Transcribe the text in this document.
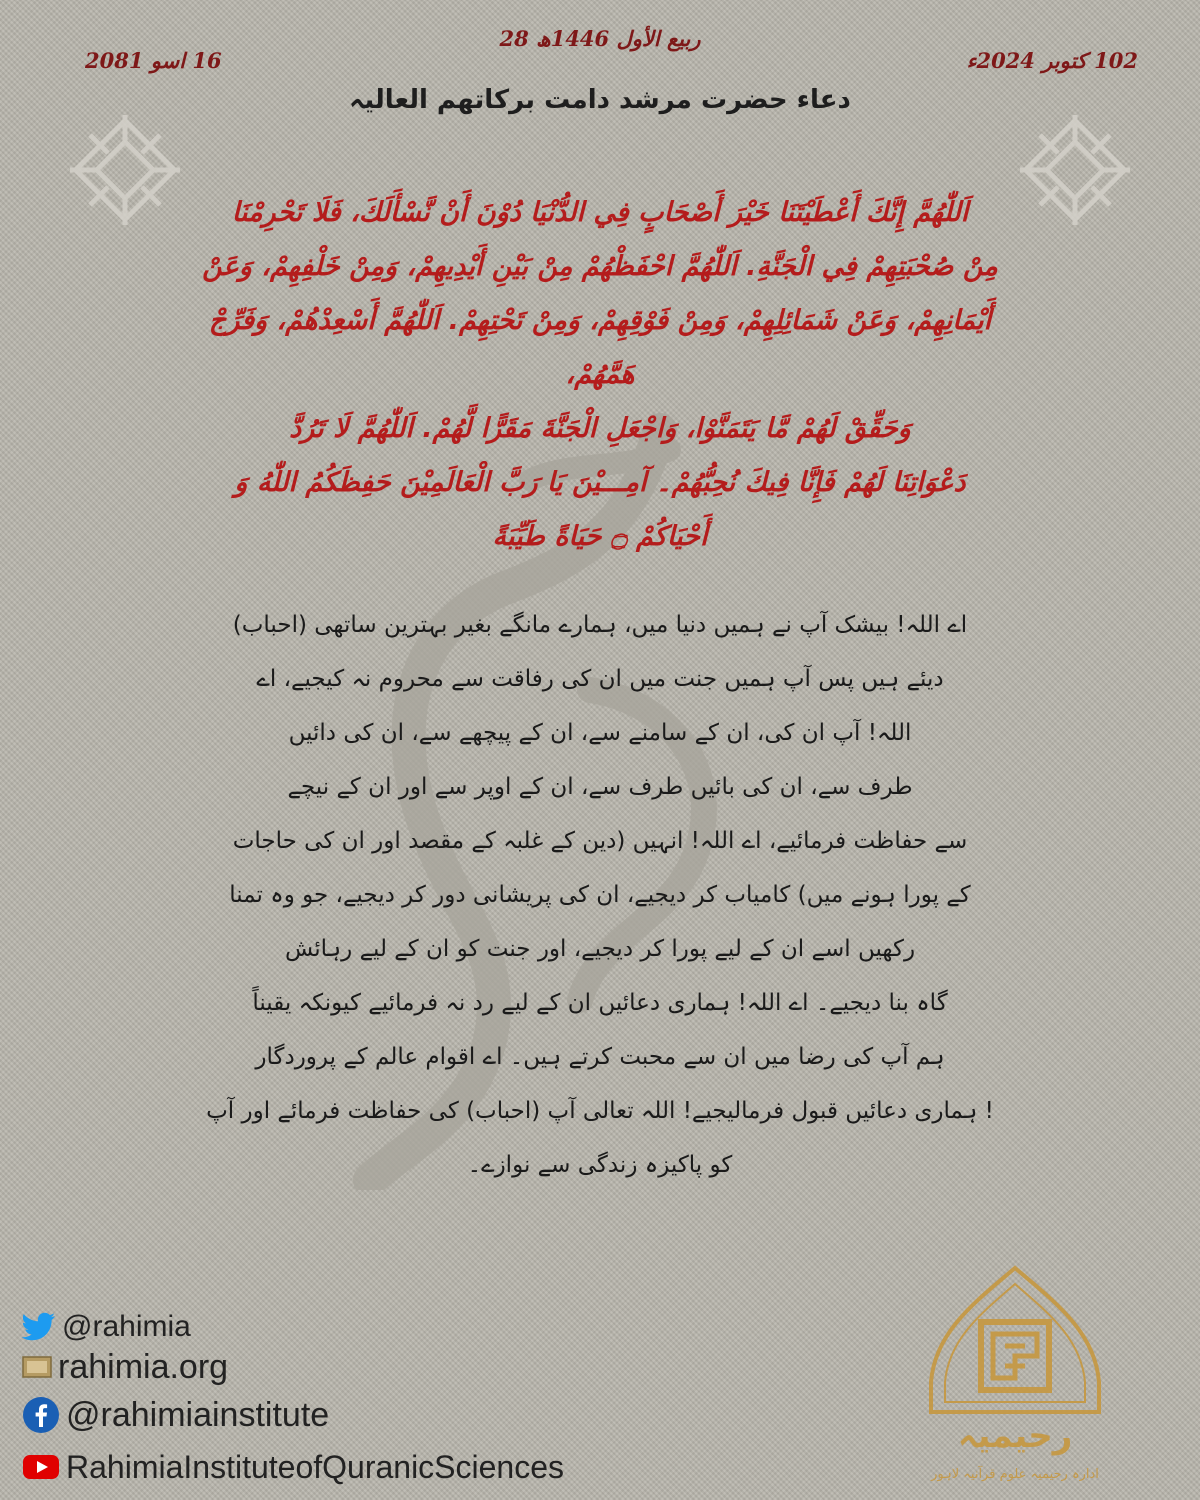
28 ربیع الأول 1446ھ
102 کتوبر 2024ء
16 اسو 2081
دعاء حضرت مرشد دامت برکاتھم العالیہ
اَللّٰهُمَّ إِنَّكَ أَعْطَيْتَنَا خَيْرَ أَصْحَابٍ فِي الدُّنْيَا دُوْنَ أَنْ نَّسْأَلَكَ، فَلَا تَحْرِمْنَا
مِنْ صُحْبَتِهِمْ فِي الْجَنَّةِ. اَللّٰهُمَّ احْفَظْهُمْ مِنْ بَيْنِ أَيْدِيهِمْ، وَمِنْ خَلْفِهِمْ، وَعَنْ
أَيْمَانِهِمْ، وَعَنْ شَمَائِلِهِمْ، وَمِنْ فَوْقِهِمْ، وَمِنْ تَحْتِهِمْ. اَللّٰهُمَّ أَسْعِدْهُمْ، وَفَرِّجْ هَمَّهُمْ،
وَحَقِّقْ لَهُمْ مَّا يَتَمَنَّوْا، وَاجْعَلِ الْجَنَّةَ مَقَرًّا لَّهُمْ. اَللّٰهُمَّ لَا تَرُدَّ
دَعْوَاتِنَا لَهُمْ فَإِنَّا فِيكَ نُحِبُّهُمْ۔ آمِـــيْنَ يَا رَبَّ الْعَالَمِيْنَ حَفِظَكُمُ اللّٰهُ وَ
أَحْيَاكُمْ ۝ حَيَاةً طَيِّبَةً
اے اللہ! بیشک آپ نے ہمیں دنیا میں، ہمارے مانگے بغیر بہترین ساتھی (احباب)
دیئے ہیں پس آپ ہمیں جنت میں ان کی رفاقت سے محروم نہ کیجیے، اے
اللہ! آپ ان کی، ان کے سامنے سے، ان کے پیچھے سے، ان کی دائیں
طرف سے، ان کی بائیں طرف سے، ان کے اوپر سے اور ان کے نیچے
سے حفاظت فرمائیے، اے اللہ! انہیں (دین کے غلبہ کے مقصد اور ان کی حاجات
کے پورا ہونے میں) کامیاب کر دیجیے، ان کی پریشانی دور کر دیجیے، جو وہ تمنا
رکھیں اسے ان کے لیے پورا کر دیجیے، اور جنت کو ان کے لیے رہائش
گاہ بنا دیجیے۔ اے اللہ! ہماری دعائیں ان کے لیے رد نہ فرمائیے کیونکہ یقیناً
ہم آپ کی رضا میں ان سے محبت کرتے ہیں۔ اے اقوام عالم کے پروردگار
! ہماری دعائیں قبول فرمالیجیے! اللہ تعالی آپ (احباب) کی حفاظت فرمائے اور آپ
کو پاکیزہ زندگی سے نوازے۔
@rahimia
rahimia.org
@rahimiainstitute
RahimiaInstituteofQuranicSciences
رحیمیہ
ادارہ رحیمیہ علوم قرآنیہ لاہور
